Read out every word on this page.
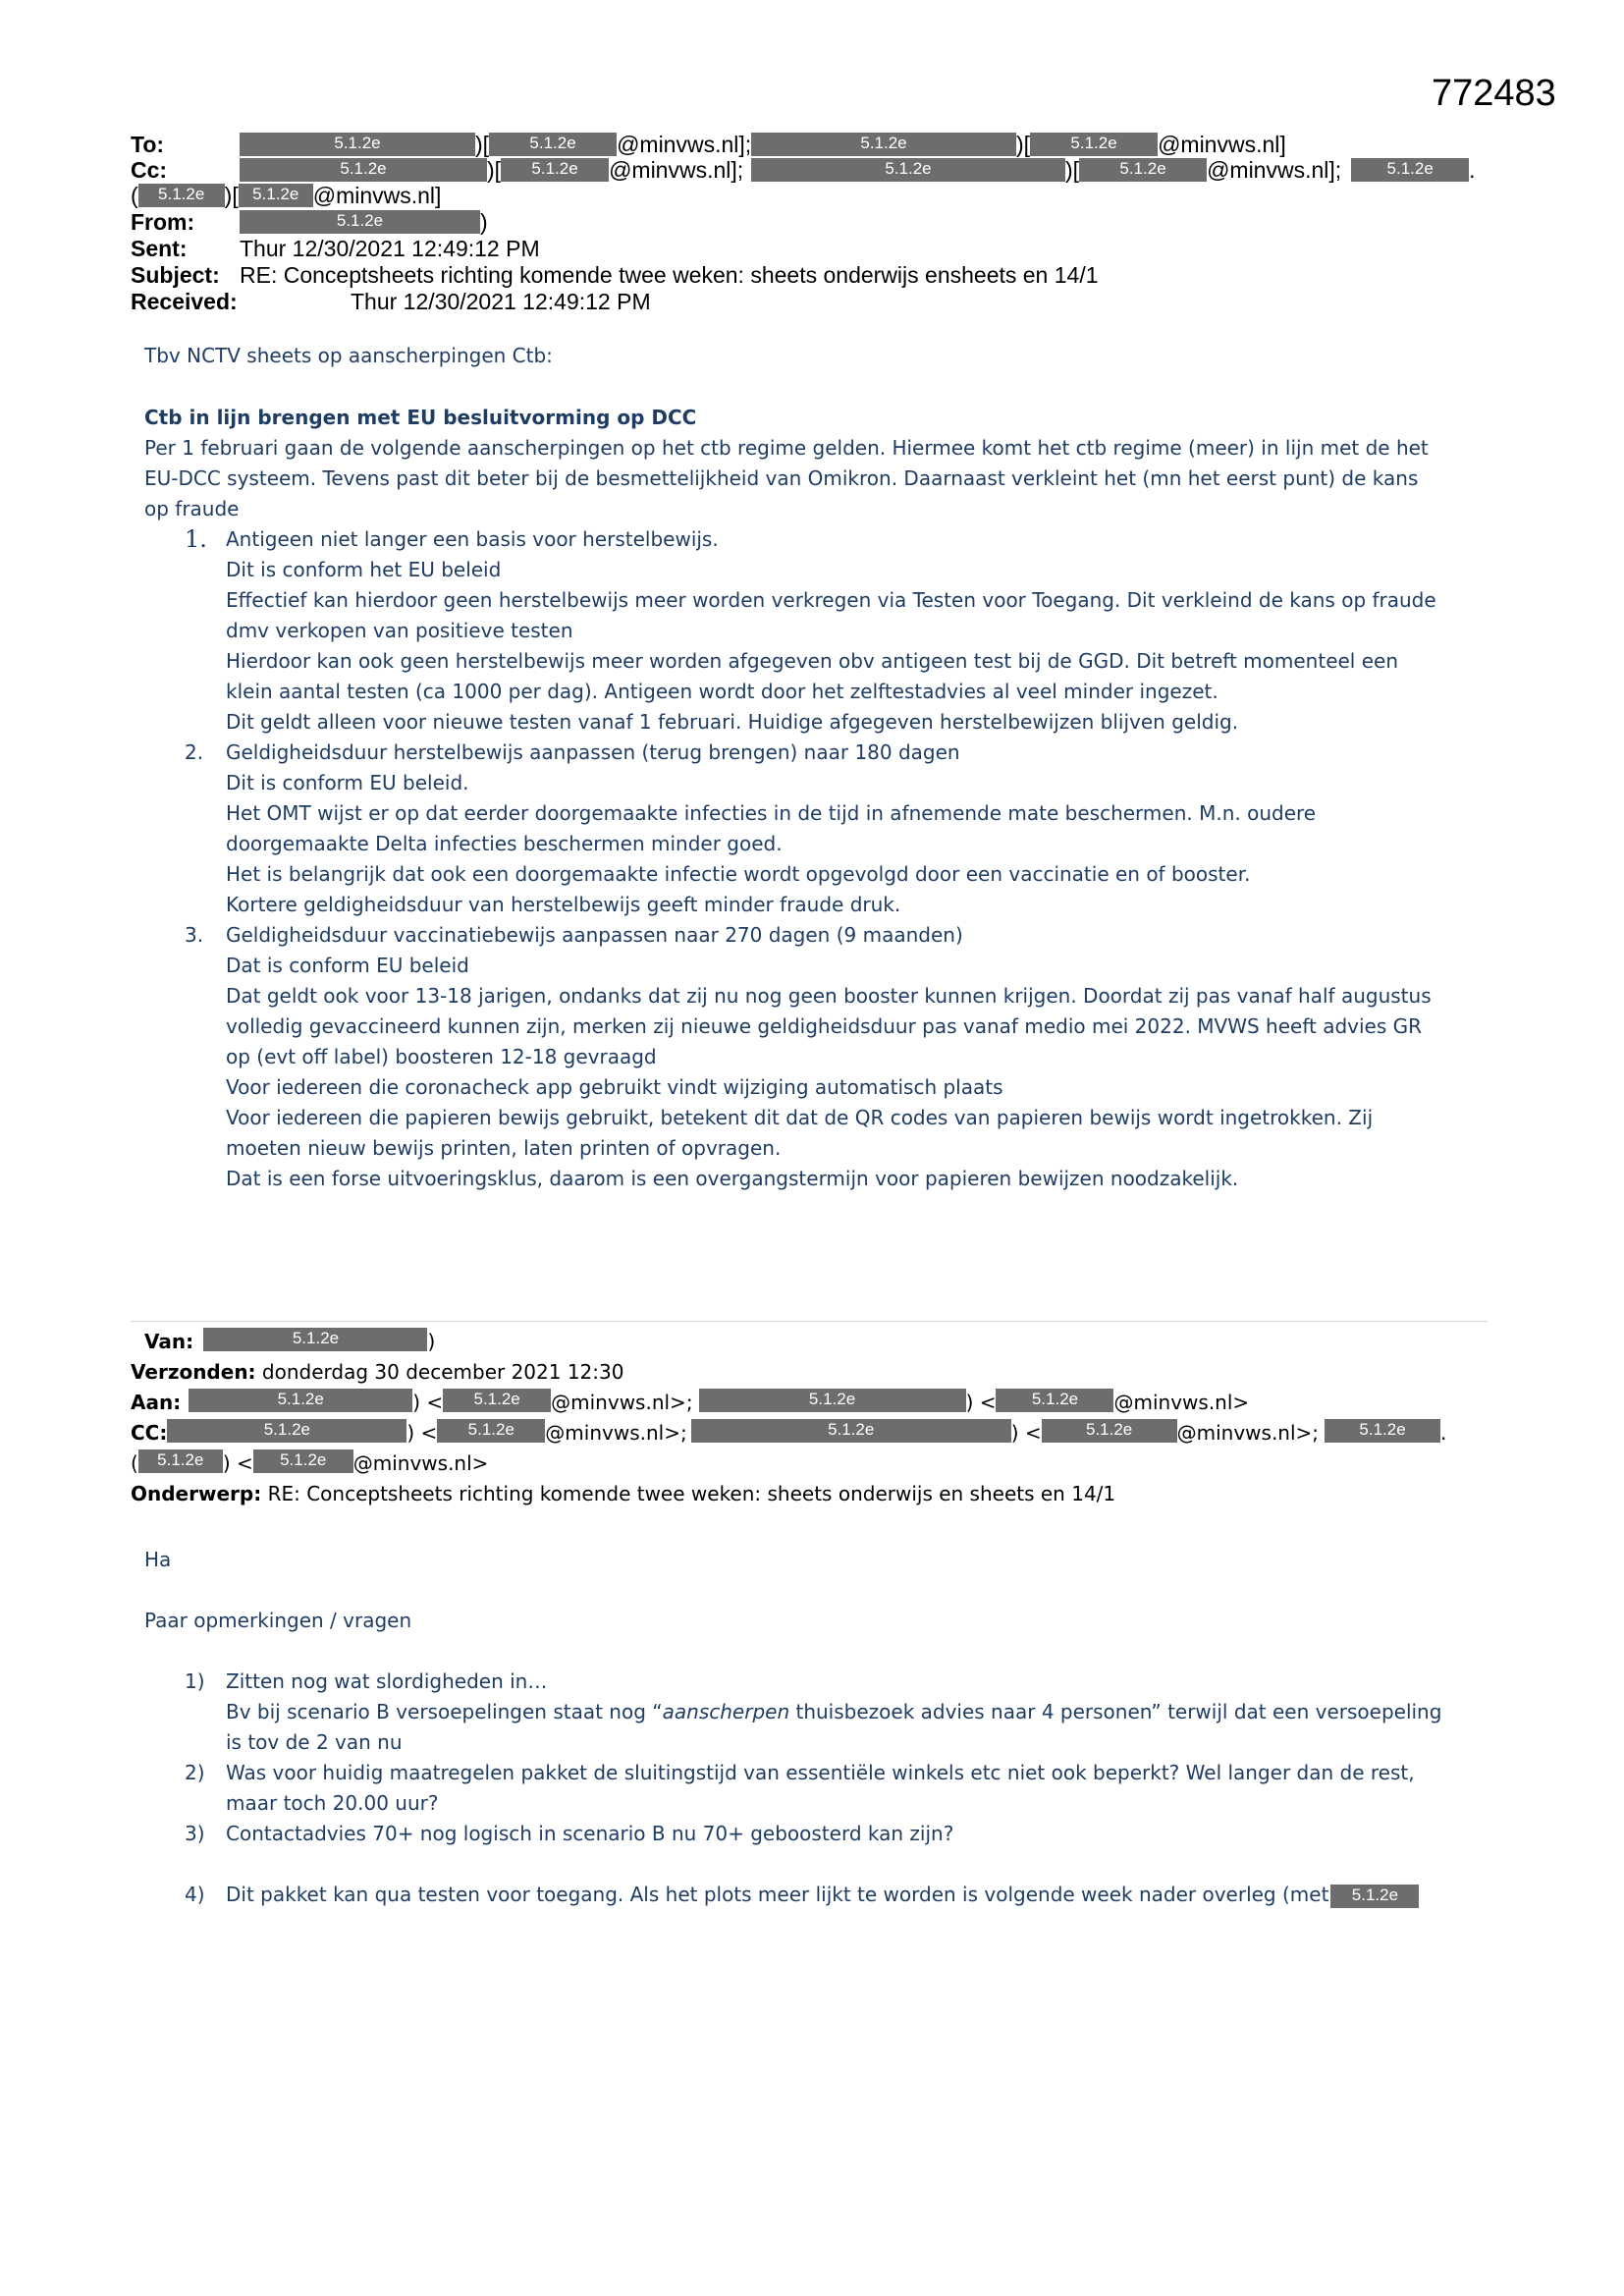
772483
To:	5.1.2e	)[ 5.1.2e @minvws.nl];	5.1.2e	)[ 5.1.2e @minvws.nl]
Cc:	5.1.2e	)[ 5.1.2e @minvws.nl];	5.1.2e	)[ 5.1.2e @minvws.nl];	5.1.2e .
( 5.1.2e )[ 5.1.2e @minvws.nl]
From:	5.1.2e	)
Sent: Thur 12/30/2021 12:49:12 PM
Subject: RE: Conceptsheets richting komende twee weken: sheets onderwijs ensheets en 14/1
Received:	Thur 12/30/2021 12:49:12 PM
Tbv NCTV sheets op aanscherpingen Ctb:
Ctb in lijn brengen met EU besluitvorming op DCC
Per 1 februari gaan de volgende aanscherpingen op het ctb regime gelden. Hiermee komt het ctb regime (meer) in lijn met de het
EU-DCC systeem. Tevens past dit beter bij de besmettelijkheid van Omikron. Daarnaast verkleint het (mn het eerst punt) de kans
op fraude
1. Antigeen niet langer een basis voor herstelbewijs.
Dit is conform het EU beleid
Effectief kan hierdoor geen herstelbewijs meer worden verkregen via Testen voor Toegang. Dit verkleind de kans op fraude
dmv verkopen van positieve testen
Hierdoor kan ook geen herstelbewijs meer worden afgegeven obv antigeen test bij de GGD. Dit betreft momenteel een
klein aantal testen (ca 1000 per dag). Antigeen wordt door het zelftestadvies al veel minder ingezet.
Dit geldt alleen voor nieuwe testen vanaf 1 februari. Huidige afgegeven herstelbewijzen blijven geldig.
2. Geldigheidsduur herstelbewijs aanpassen (terug brengen) naar 180 dagen
Dit is conform EU beleid.
Het OMT wijst er op dat eerder doorgemaakte infecties in de tijd in afnemende mate beschermen. M.n. oudere
doorgemaakte Delta infecties beschermen minder goed.
Het is belangrijk dat ook een doorgemaakte infectie wordt opgevolgd door een vaccinatie en of booster.
Kortere geldigheidsduur van herstelbewijs geeft minder fraude druk.
3. Geldigheidsduur vaccinatiebewijs aanpassen naar 270 dagen (9 maanden)
Dat is conform EU beleid
Dat geldt ook voor 13-18 jarigen, ondanks dat zij nu nog geen booster kunnen krijgen. Doordat zij pas vanaf half augustus
volledig gevaccineerd kunnen zijn, merken zij nieuwe geldigheidsduur pas vanaf medio mei 2022. MVWS heeft advies GR
op (evt off label) boosteren 12-18 gevraagd
Voor iedereen die coronacheck app gebruikt vindt wijziging automatisch plaats
Voor iedereen die papieren bewijs gebruikt, betekent dit dat de QR codes van papieren bewijs wordt ingetrokken. Zij
moeten nieuw bewijs printen, laten printen of opvragen.
Dat is een forse uitvoeringsklus, daarom is een overgangstermijn voor papieren bewijzen noodzakelijk.
Van:	5.1.2e	)
Verzonden: donderdag 30 december 2021 12:30
Aan:	5.1.2e	) < 5.1.2e @minvws.nl>;	5.1.2e	) < 5.1.2e @minvws.nl>
CC:	5.1.2e	) < 5.1.2e @minvws.nl>;	5.1.2e	) <	5.1.2e @minvws.nl>; 5.1.2e .
( 5.1.2e ) < 5.1.2e @minvws.nl>
Onderwerp: RE: Conceptsheets richting komende twee weken: sheets onderwijs en sheets en 14/1
Ha
Paar opmerkingen / vragen
1) Zitten nog wat slordigheden in…
Bv bij scenario B versoepelingen staat nog “aanscherpen thuisbezoek advies naar 4 personen” terwijl dat een versoepeling
is tov de 2 van nu
2) Was voor huidig maatregelen pakket de sluitingstijd van essentiële winkels etc niet ook beperkt? Wel langer dan de rest,
maar toch 20.00 uur?
3) Contactadvies 70+ nog logisch in scenario B nu 70+ geboosterd kan zijn?
4) Dit pakket kan qua testen voor toegang. Als het plots meer lijkt te worden is volgende week nader overleg (met 5.1.2e
